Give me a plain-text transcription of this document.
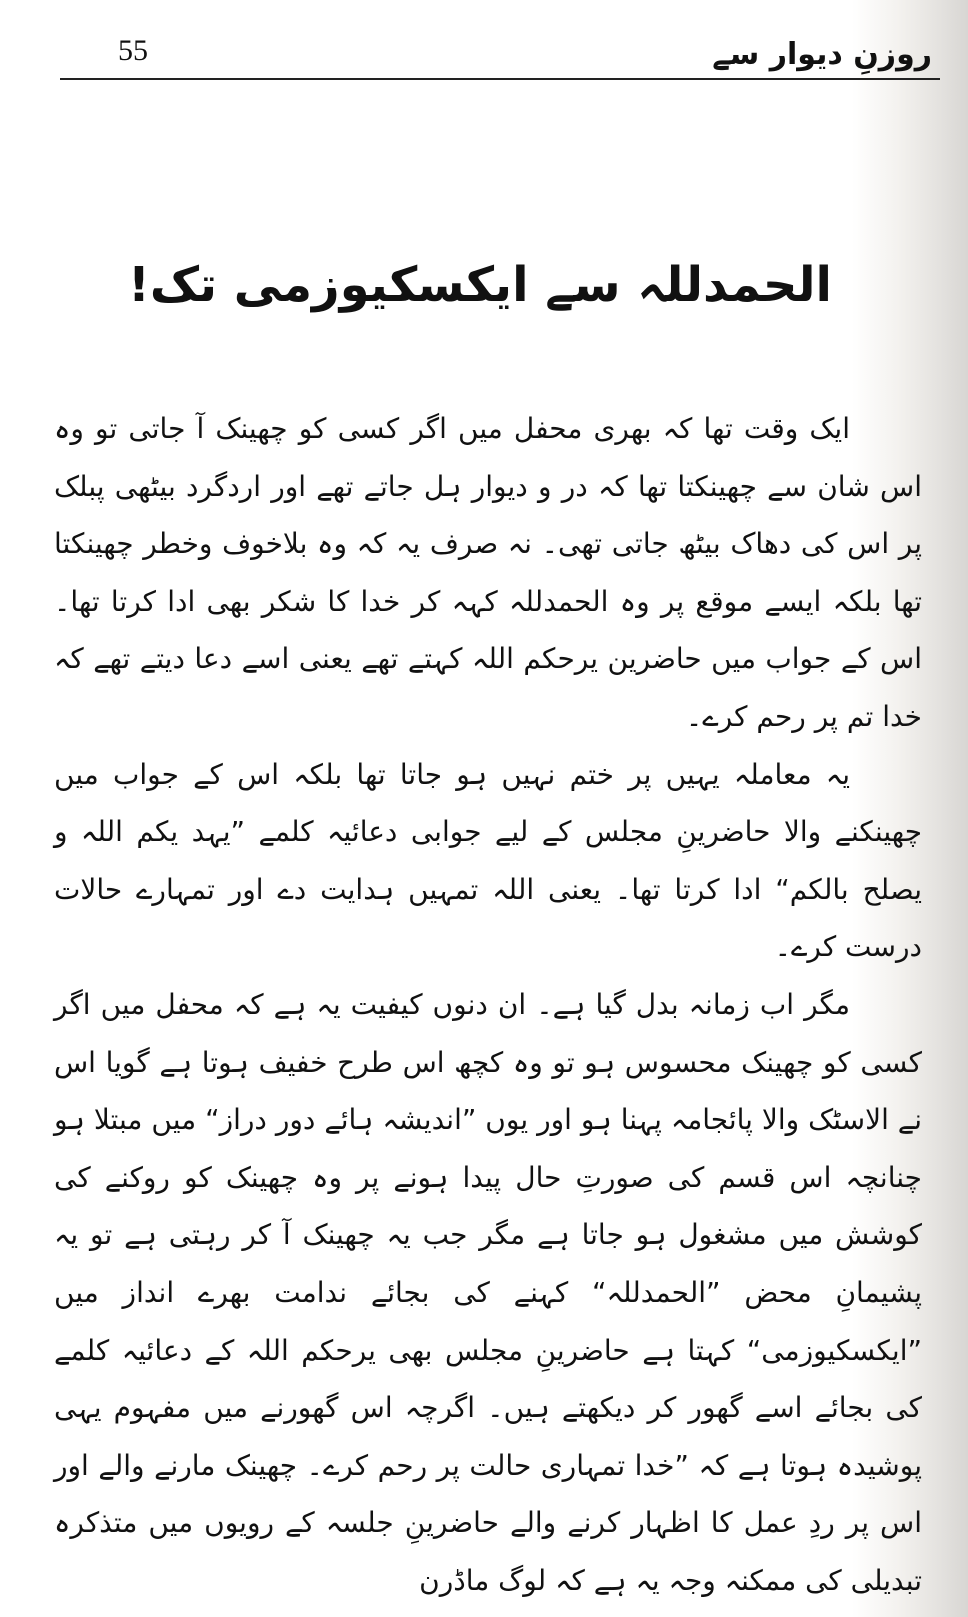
55	روزنِ دیوار سے
الحمدللہ سے ایکسکیوزمی تک!

ایک وقت تھا کہ بھری محفل میں اگر کسی کو چھینک آ جاتی تو وہ اس شان سے چھینکتا تھا کہ در و دیوار ہل جاتے تھے اور اردگرد بیٹھی پبلک پر اس کی دھاک بیٹھ جاتی تھی۔ نہ صرف یہ کہ وہ بلاخوف وخطر چھینکتا تھا بلکہ ایسے موقع پر وہ الحمدللہ کہہ کر خدا کا شکر بھی ادا کرتا تھا۔ اس کے جواب میں حاضرین یرحکم اللہ کہتے تھے یعنی اسے دعا دیتے تھے کہ خدا تم پر رحم کرے۔

یہ معاملہ یہیں پر ختم نہیں ہو جاتا تھا بلکہ اس کے جواب میں چھینکنے والا حاضرینِ مجلس کے لیے جوابی دعائیہ کلمے ”یہد یکم اللہ و یصلح بالکم“ ادا کرتا تھا۔ یعنی اللہ تمہیں ہدایت دے اور تمہارے حالات درست کرے۔

مگر اب زمانہ بدل گیا ہے۔ ان دنوں کیفیت یہ ہے کہ محفل میں اگر کسی کو چھینک محسوس ہو تو وہ کچھ اس طرح خفیف ہوتا ہے گویا اس نے الاسٹک والا پائجامہ پہنا ہو اور یوں ”اندیشہ ہائے دور دراز“ میں مبتلا ہو چنانچہ اس قسم کی صورتِ حال پیدا ہونے پر وہ چھینک کو روکنے کی کوشش میں مشغول ہو جاتا ہے مگر جب یہ چھینک آ کر رہتی ہے تو یہ پشیمانِ محض ”الحمدللہ“ کہنے کی بجائے ندامت بھرے انداز میں ”ایکسکیوزمی“ کہتا ہے حاضرینِ مجلس بھی یرحکم اللہ کے دعائیہ کلمے کی بجائے اسے گھور کر دیکھتے ہیں۔ اگرچہ اس گھورنے میں مفہوم یہی پوشیدہ ہوتا ہے کہ ”خدا تمہاری حالت پر رحم کرے۔ چھینک مارنے والے اور اس پر ردِ عمل کا اظہار کرنے والے حاضرینِ جلسہ کے رویوں میں متذکرہ تبدیلی کی ممکنہ وجہ یہ ہے کہ لوگ ماڈرن
